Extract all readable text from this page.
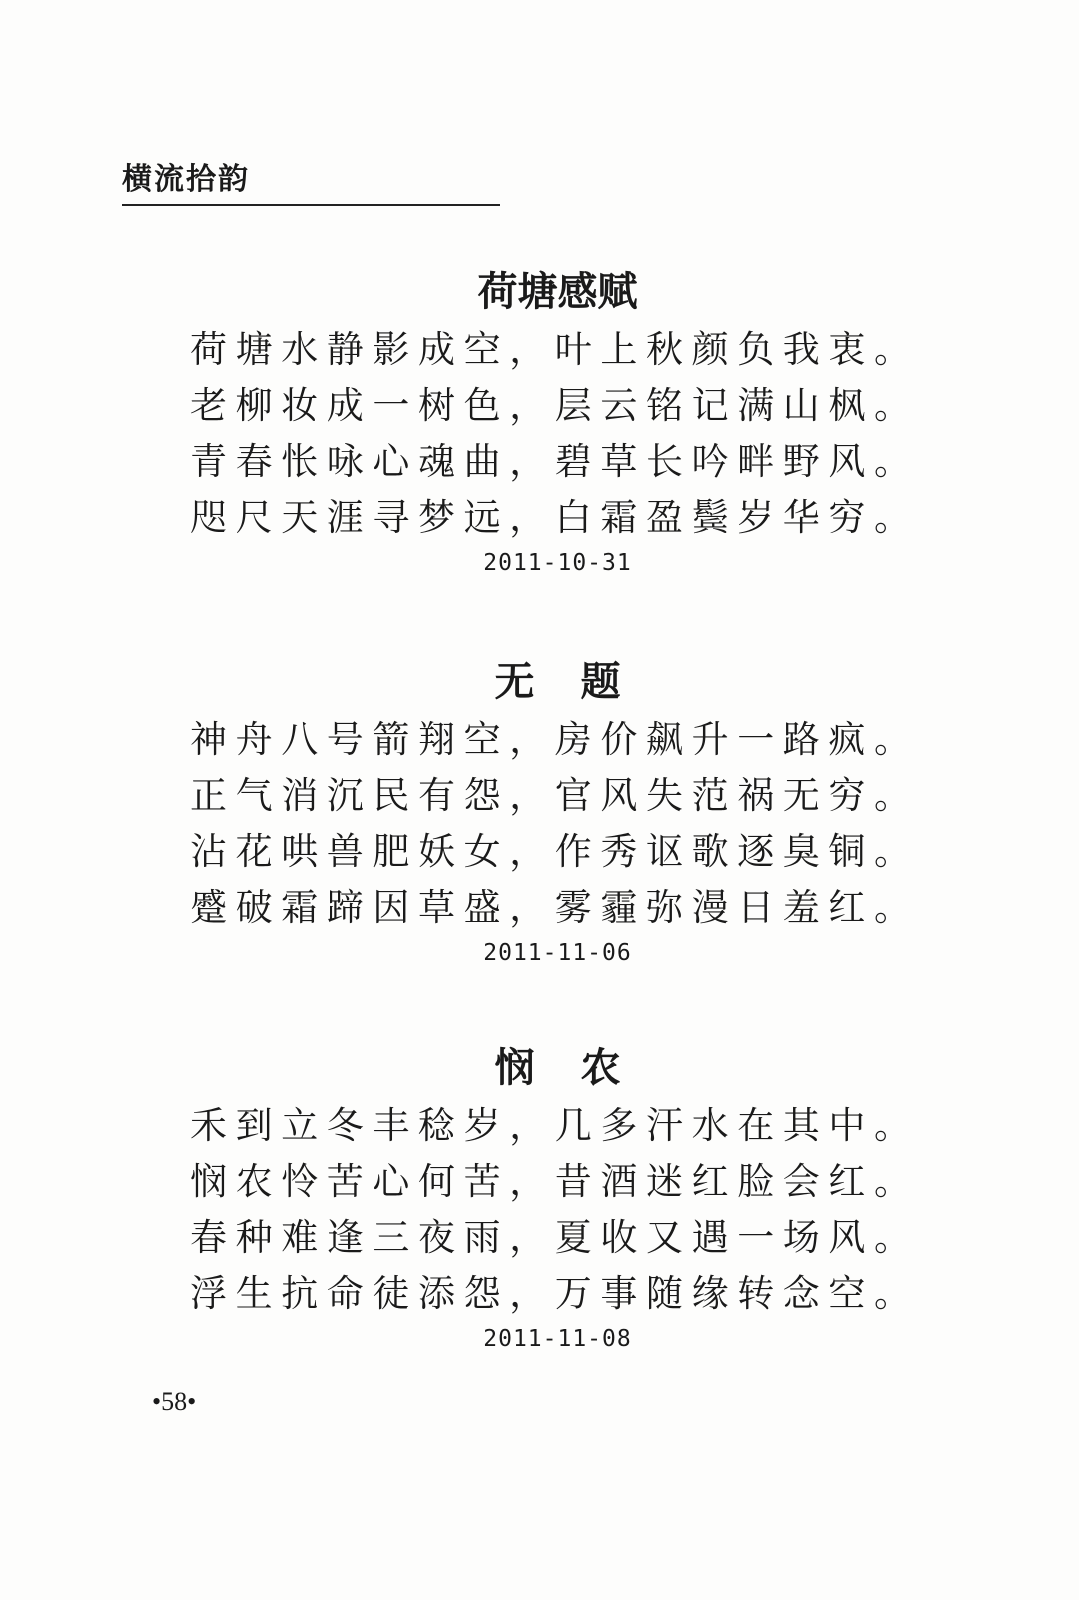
横流拾韵
荷塘感赋
荷塘水静影成空，叶上秋颜负我衷。
老柳妆成一树色，层云铭记满山枫。
青春怅咏心魂曲，碧草长吟畔野风。
咫尺天涯寻梦远，白霜盈鬓岁华穷。
2011-10-31
无题
神舟八号箭翔空，房价飙升一路疯。
正气消沉民有怨，官风失范祸无穷。
沾花哄兽肥妖女，作秀讴歌逐臭铜。
蹙破霜蹄因草盛，雾霾弥漫日羞红。
2011-11-06
悯农
禾到立冬丰稔岁，几多汗水在其中。
悯农怜苦心何苦，昔酒迷红脸会红。
春种难逢三夜雨，夏收又遇一场风。
浮生抗命徒添怨，万事随缘转念空。
2011-11-08
•58•
